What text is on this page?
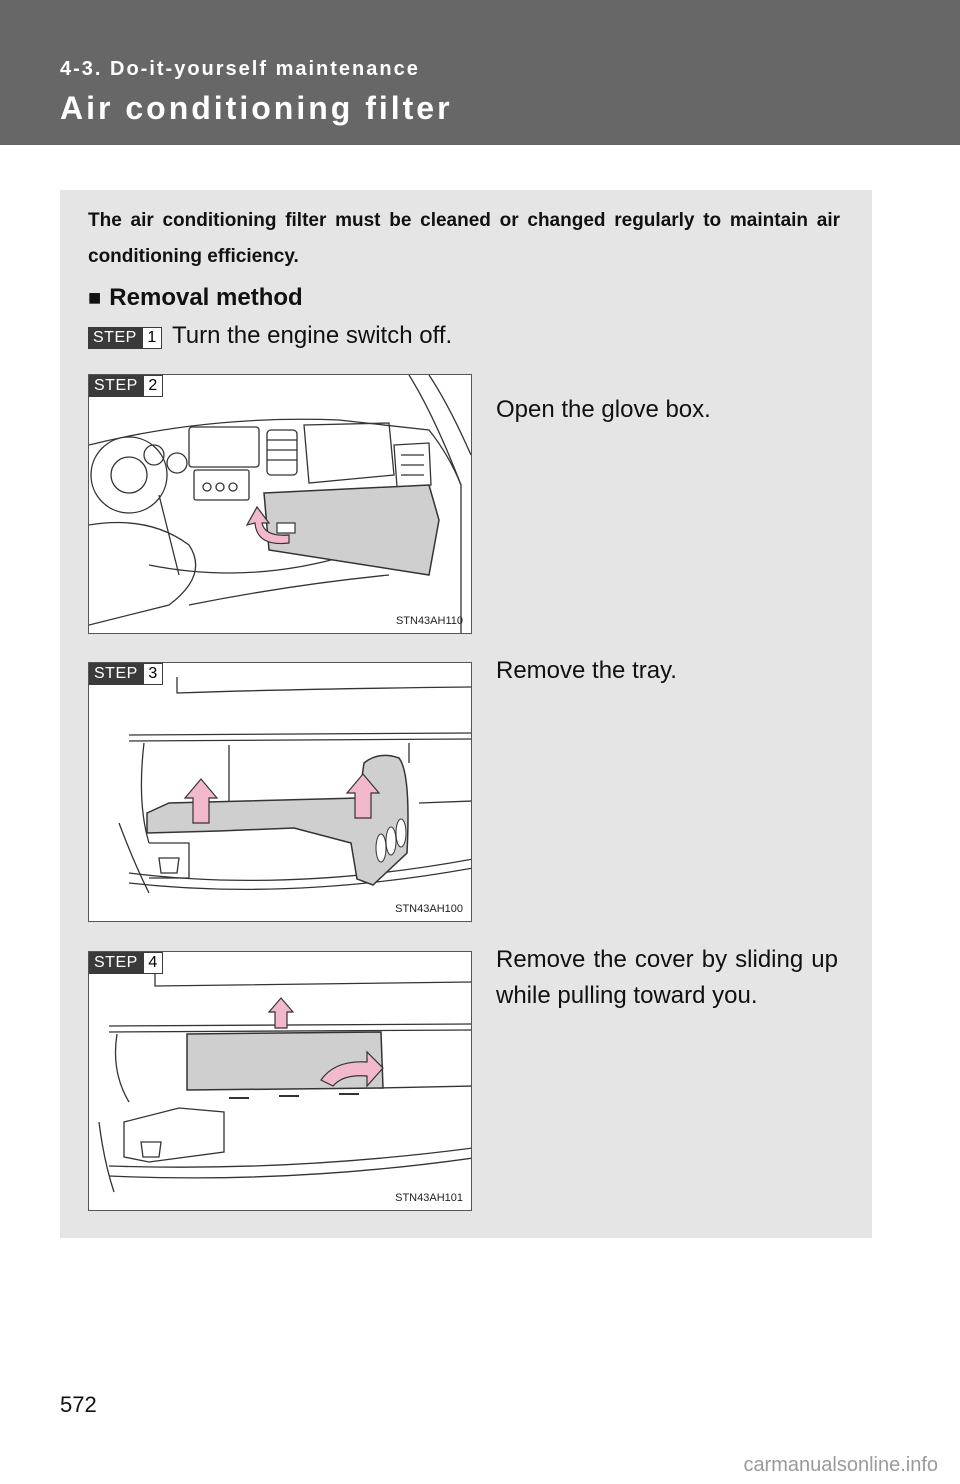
4-3. Do-it-yourself maintenance
Air conditioning filter
The air conditioning filter must be cleaned or changed regularly to maintain air conditioning efficiency.
■ Removal method
STEP 1 Turn the engine switch off.
STEP 2
STN43AH110
Open the glove box.
STEP 3
STN43AH100
Remove the tray.
STEP 4
STN43AH101
Remove the cover by sliding up while pulling toward you.
572
carmanualsonline.info
